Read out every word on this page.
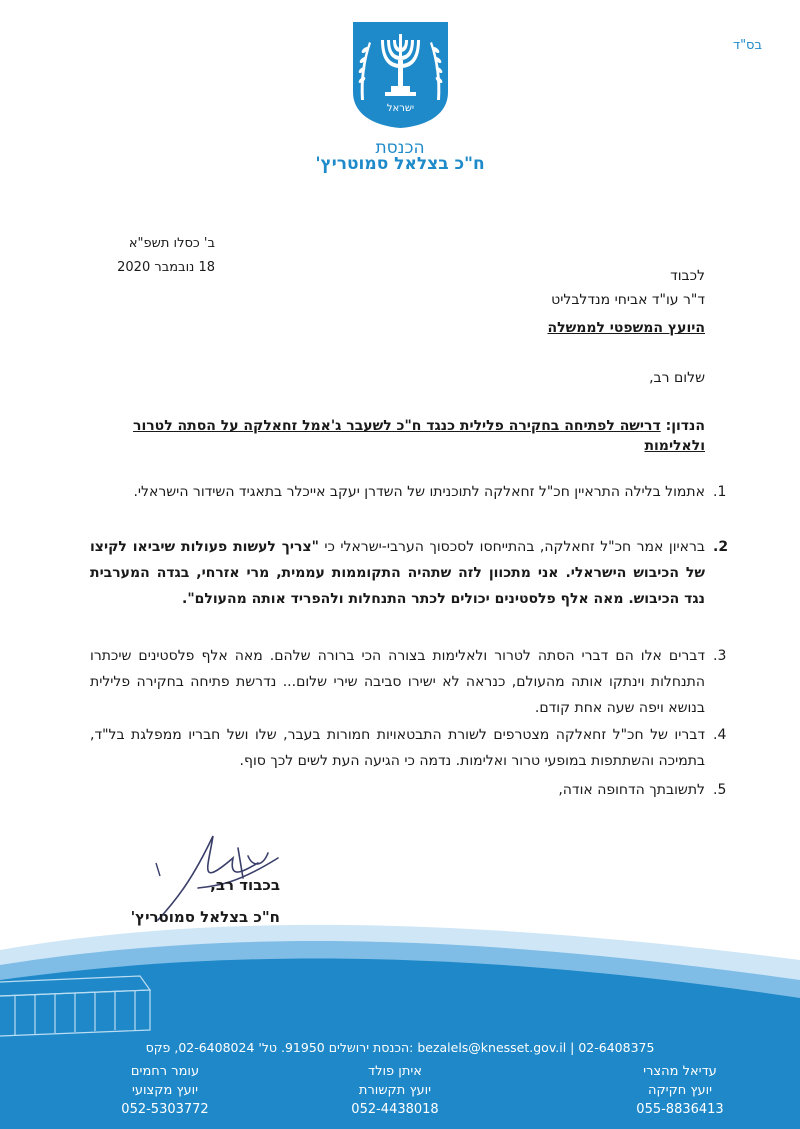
בס"ד
ישראל
הכנסת
ח"כ בצלאל סמוטריץ'
ב' כסלו תשפ"א
18 נובמבר 2020
לכבוד
ד"ר עו"ד אביחי מנדלבליט
היועץ המשפטי לממשלה
שלום רב,
הנדון: דרישה לפתיחה בחקירה פלילית כנגד ח"כ לשעבר ג'אמל זחאלקה על הסתה לטרור ולאלימות
1.
אתמול בלילה התראיין חכ"ל זחאלקה לתוכניתו של השדרן יעקב אייכלר בתאגיד השידור הישראלי.
2.
בראיון אמר חכ"ל זחאלקה, בהתייחסו לסכסוך הערבי-ישראלי כי "צריך לעשות פעולות שיביאו לקיצו של הכיבוש הישראלי. אני מתכוון לזה שתהיה התקוממות עממית, מרי אזרחי, בגדה המערבית נגד הכיבוש. מאה אלף פלסטינים יכולים לכתר התנחלות ולהפריד אותה מהעולם".
3.
דברים אלו הם דברי הסתה לטרור ולאלימות בצורה הכי ברורה שלהם. מאה אלף פלסטינים שיכתרו התנחלות וינתקו אותה מהעולם, כנראה לא ישירו סביבה שירי שלום... נדרשת פתיחה בחקירה פלילית בנושא ויפה שעה אחת קודם.
4.
דבריו של חכ"ל זחאלקה מצטרפים לשורת התבטאויות חמורות בעבר, שלו ושל חבריו ממפלגת בל"ד, בתמיכה והשתתפות במופעי טרור ואלימות. נדמה כי הגיעה העת לשים לכך סוף.
5.
לתשובתך הדחופה אודה,
בכבוד רב,
ח"כ בצלאל סמוטריץ'
bezalels@knesset.gov.il | 02-6408375 :הכנסת ירושלים 91950. טל' 02-6408024, פקס
עדיאל מהצרי
יועץ חקיקה
055-8836413
איתן פולד
יועץ תקשורת
052-4438018
עומר רחמים
יועץ מקצועי
052-5303772
